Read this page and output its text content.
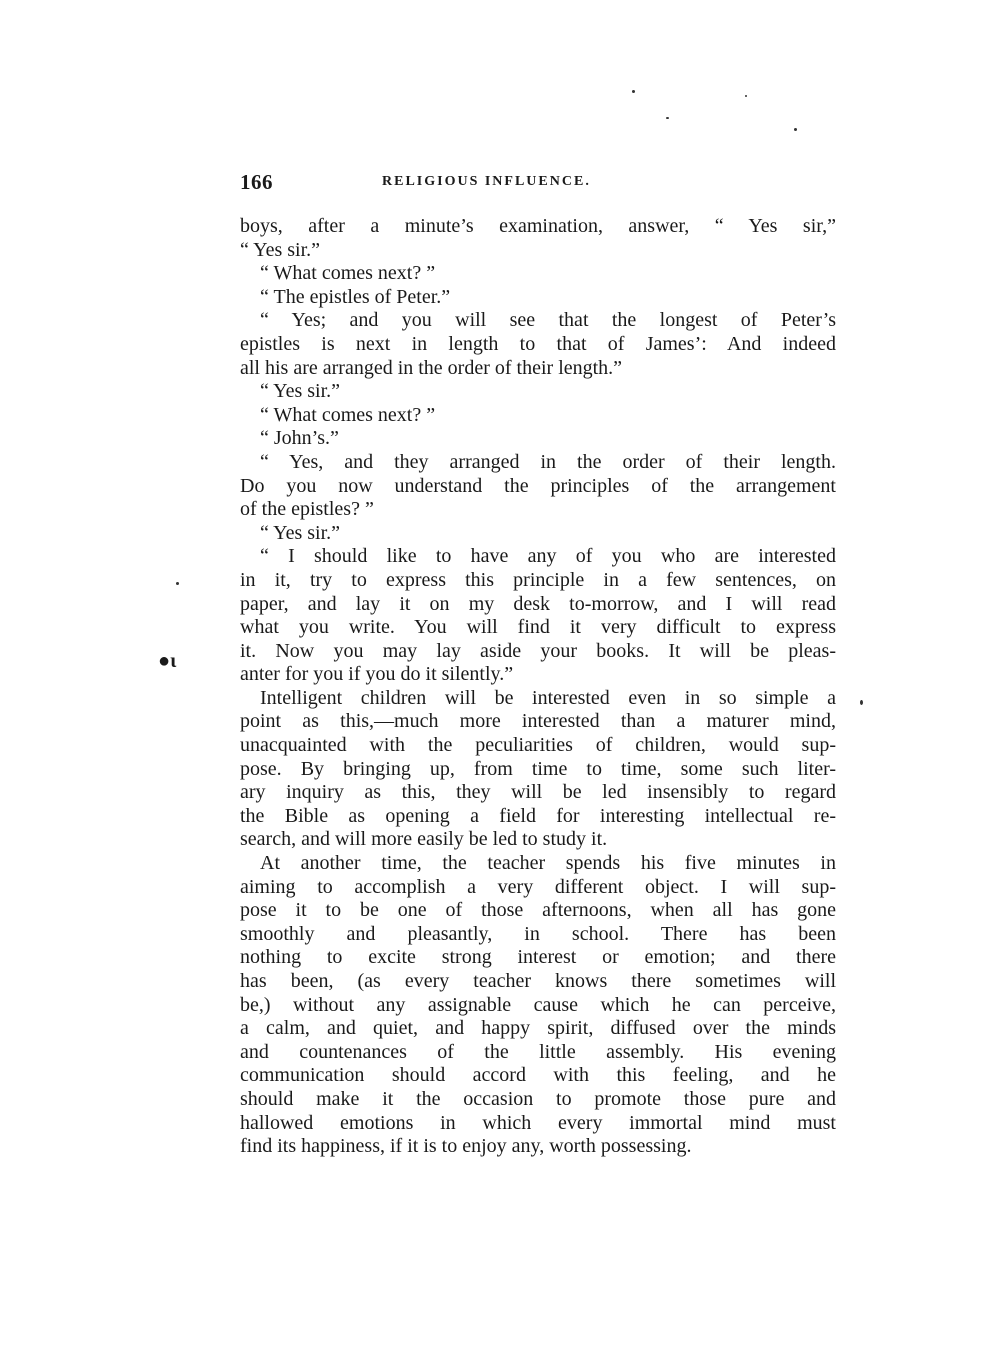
●ι
166	RELIGIOUS INFLUENCE.
boys, after a minute’s examination, answer, “ Yes sir,”
“ Yes sir.”
“ What comes next? ”
“ The epistles of Peter.”
“ Yes; and you will see that the longest of Peter’s
epistles is next in length to that of James’: And indeed
all his are arranged in the order of their length.”
“ Yes sir.”
“ What comes next? ”
“ John’s.”
“ Yes, and they arranged in the order of their length.
Do you now understand the principles of the arrangement
of the epistles? ”
“ Yes sir.”
“ I should like to have any of you who are interested
in it, try to express this principle in a few sentences, on
paper, and lay it on my desk to-morrow, and I will read
what you write. You will find it very difficult to express
it. Now you may lay aside your books. It will be pleas-
anter for you if you do it silently.”
Intelligent children will be interested even in so simple a
point as this,—much more interested than a maturer mind,
unacquainted with the peculiarities of children, would sup-
pose. By bringing up, from time to time, some such liter-
ary inquiry as this, they will be led insensibly to regard
the Bible as opening a field for interesting intellectual re-
search, and will more easily be led to study it.
At another time, the teacher spends his five minutes in
aiming to accomplish a very different object. I will sup-
pose it to be one of those afternoons, when all has gone
smoothly and pleasantly, in school. There has been
nothing to excite strong interest or emotion; and there
has been, (as every teacher knows there sometimes will
be,) without any assignable cause which he can perceive,
a calm, and quiet, and happy spirit, diffused over the minds
and countenances of the little assembly. His evening
communication should accord with this feeling, and he
should make it the occasion to promote those pure and
hallowed emotions in which every immortal mind must
find its happiness, if it is to enjoy any, worth possessing.
